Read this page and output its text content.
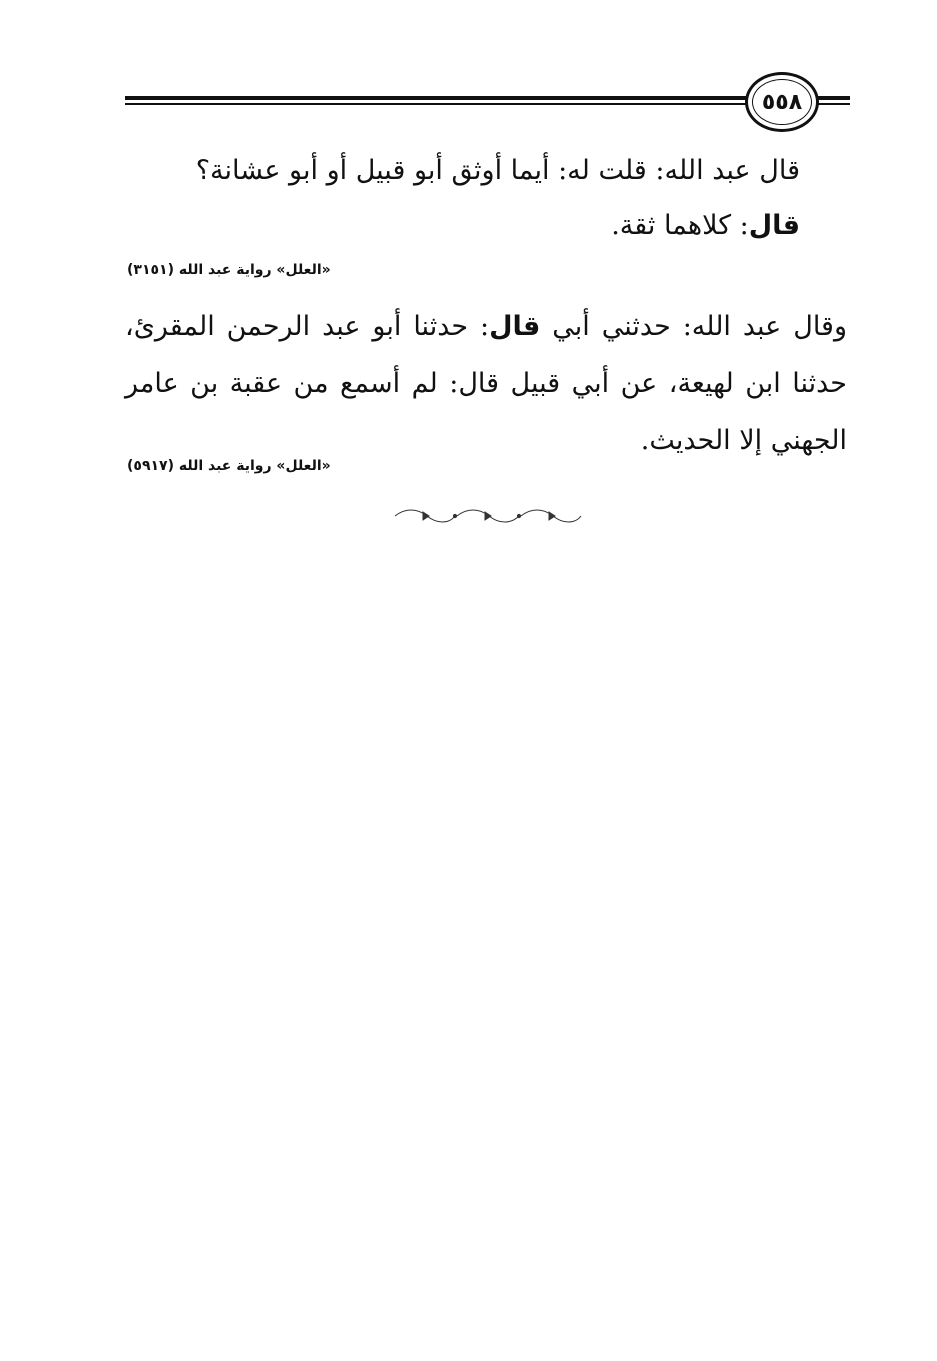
٥٥٨
قال عبد الله: قلت له: أيما أوثق أبو قبيل أو أبو عشانة؟
قال: كلاهما ثقة.
«العلل» رواية عبد الله (٣١٥١)
وقال عبد الله: حدثني أبي قال: حدثنا أبو عبد الرحمن المقرئ، حدثنا ابن لهيعة، عن أبي قبيل قال: لم أسمع من عقبة بن عامر الجهني إلا الحديث.
«العلل» رواية عبد الله (٥٩١٧)
